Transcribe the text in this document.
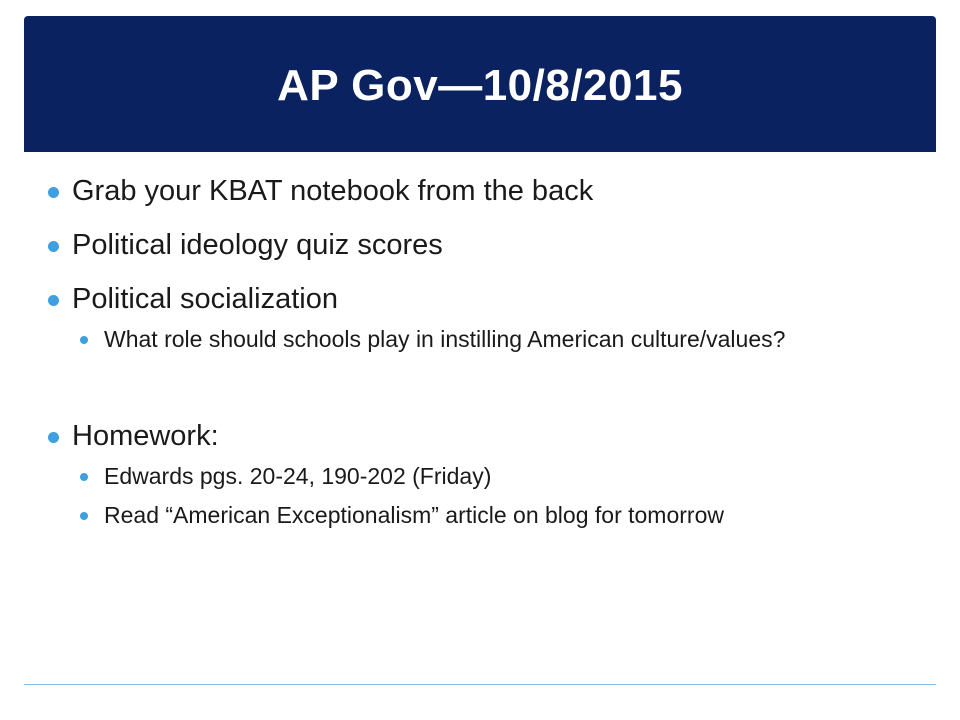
AP Gov—10/8/2015
Grab your KBAT notebook from the back
Political ideology quiz scores
Political socialization
What role should schools play in instilling American culture/values?
Homework:
Edwards pgs. 20-24, 190-202 (Friday)
Read “American Exceptionalism” article on blog for tomorrow
